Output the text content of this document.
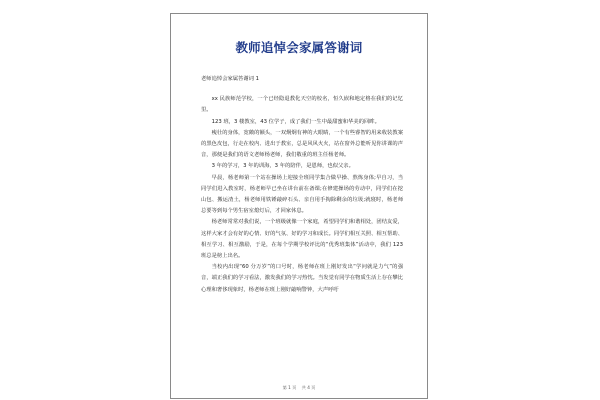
教师追悼会家属答谢词

老师追悼会家属答谢词 1

xx 民族师范学校，一个已经隐退教化天空的校名，恒久嵌和地定格在我们的记忆里。

123 班，3 楼教室，43 位学子，成了我们一生中最甜蜜和华美的回眸。

瘦壮的身体，宽敞的额头，一双炯炯有神的大眼睛，一个有些睿智的用来收装教案的黑色皮包，行走在校内、进出于教室，总是风风火火，站在窗外总能听见你讲课的声音，那便是我们的语文老师杨老师，我们敬重的班主任杨老师。

3 年的学习，3 年的训海，3 年的陪伴，是恩师，也似父亲。

早晨，杨老师第一个站在操场上迎接全班同学集合做早操、熬炼身体;早自习，当同学们进入教室时，杨老师早已坐在讲台前在备课;在修建操场的劳动中，同学们在挖山包、搬运渣土，杨老师用铁锤敲碎石头、亲自用手掏除剩余的垃圾;就寝时，杨老师总要等到每个男生宿室熄灯后，才回家休息。

杨老师常常对我们说，一个班级就像一个家庭，希望同学们和谐相处，团结友爱，这样大家才会有好的心情、好的气氛、好的学习和成长。同学们相互关照、相互帮助、相互学习、相互激励，于是，在每个学期学校评比的“优秀班集体”活动中，我们 123 班总是榜上出名。

当校内出现“60 分万岁”的口号时，杨老师在班上刚好发出“学问就是力气”的强音，端正我们的学习看法，激发我们的学习热忱。当发觉有同学在物质生活上存在攀比心理和奢侈现象时，杨老师在班上刚好敲响警钟，大声呼吁

第 1 页 共 4 页
